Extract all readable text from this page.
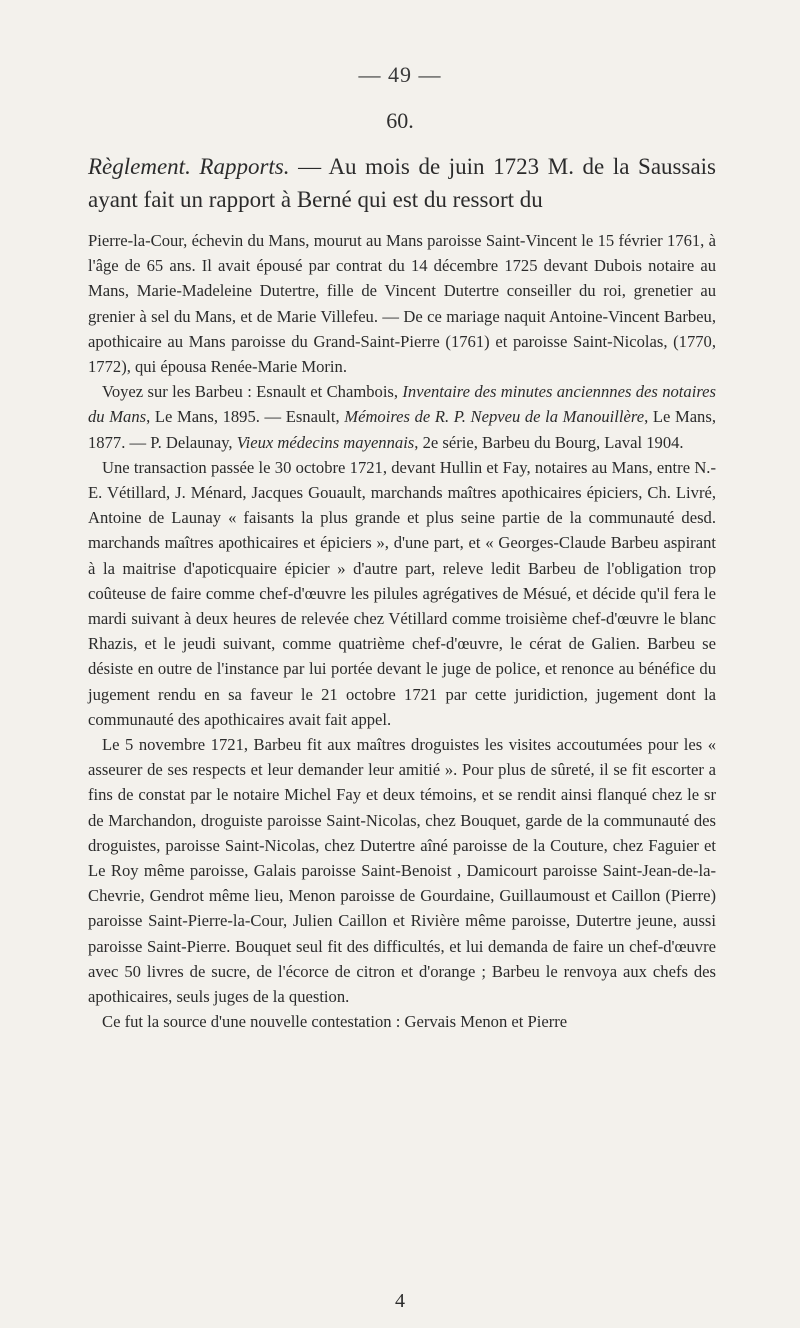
— 49 —
60.
Règlement. Rapports. — Au mois de juin 1723 M. de la Saussais ayant fait un rapport à Berné qui est du ressort du

Pierre-la-Cour, échevin du Mans, mourut au Mans paroisse Saint-Vincent le 15 février 1761, à l'âge de 65 ans. Il avait épousé par contrat du 14 décembre 1725 devant Dubois notaire au Mans, Marie-Madeleine Dutertre, fille de Vincent Dutertre conseiller du roi, grenetier au grenier à sel du Mans, et de Marie Villefeu. — De ce mariage naquit Antoine-Vincent Barbeu, apothicaire au Mans paroisse du Grand-Saint-Pierre (1761) et paroisse Saint-Nicolas, (1770, 1772), qui épousa Renée-Marie Morin.

Voyez sur les Barbeu : Esnault et Chambois, Inventaire des minutes anciennnes des notaires du Mans, Le Mans, 1895. — Esnault, Mémoires de R. P. Nepveu de la Manouillère, Le Mans, 1877. — P. Delaunay, Vieux médecins mayennais, 2e série, Barbeu du Bourg, Laval 1904.

Une transaction passée le 30 octobre 1721, devant Hullin et Fay, notaires au Mans, entre N.-E. Vétillard, J. Ménard, Jacques Gouault, marchands maîtres apothicaires épiciers, Ch. Livré, Antoine de Launay « faisants la plus grande et plus seine partie de la communauté desd. marchands maîtres apothicaires et épiciers », d'une part, et « Georges-Claude Barbeu aspirant à la maitrise d'apoticquaire épicier » d'autre part, releve ledit Barbeu de l'obligation trop coûteuse de faire comme chef-d'œuvre les pilules agrégatives de Mésué, et décide qu'il fera le mardi suivant à deux heures de relevée chez Vétillard comme troisième chef-d'œuvre le blanc Rhazis, et le jeudi suivant, comme quatrième chef-d'œuvre, le cérat de Galien. Barbeu se désiste en outre de l'instance par lui portée devant le juge de police, et renonce au bénéfice du jugement rendu en sa faveur le 21 octobre 1721 par cette juridiction, jugement dont la communauté des apothicaires avait fait appel.

Le 5 novembre 1721, Barbeu fit aux maîtres droguistes les visites accoutumées pour les « asseurer de ses respects et leur demander leur amitié ». Pour plus de sûreté, il se fit escorter a fins de constat par le notaire Michel Fay et deux témoins, et se rendit ainsi flanqué chez le sr de Marchandon, droguiste paroisse Saint-Nicolas, chez Bouquet, garde de la communauté des droguistes, paroisse Saint-Nicolas, chez Dutertre aîné paroisse de la Couture, chez Faguier et Le Roy même paroisse, Galais paroisse Saint-Benoist , Damicourt paroisse Saint-Jean-de-la-Chevrie, Gendrot même lieu, Menon paroisse de Gourdaine, Guillaumoust et Caillon (Pierre) paroisse Saint-Pierre-la-Cour, Julien Caillon et Rivière même paroisse, Dutertre jeune, aussi paroisse Saint-Pierre. Bouquet seul fit des difficultés, et lui demanda de faire un chef-d'œuvre avec 50 livres de sucre, de l'écorce de citron et d'orange ; Barbeu le renvoya aux chefs des apothicaires, seuls juges de la question.

Ce fut la source d'une nouvelle contestation : Gervais Menon et Pierre

4
